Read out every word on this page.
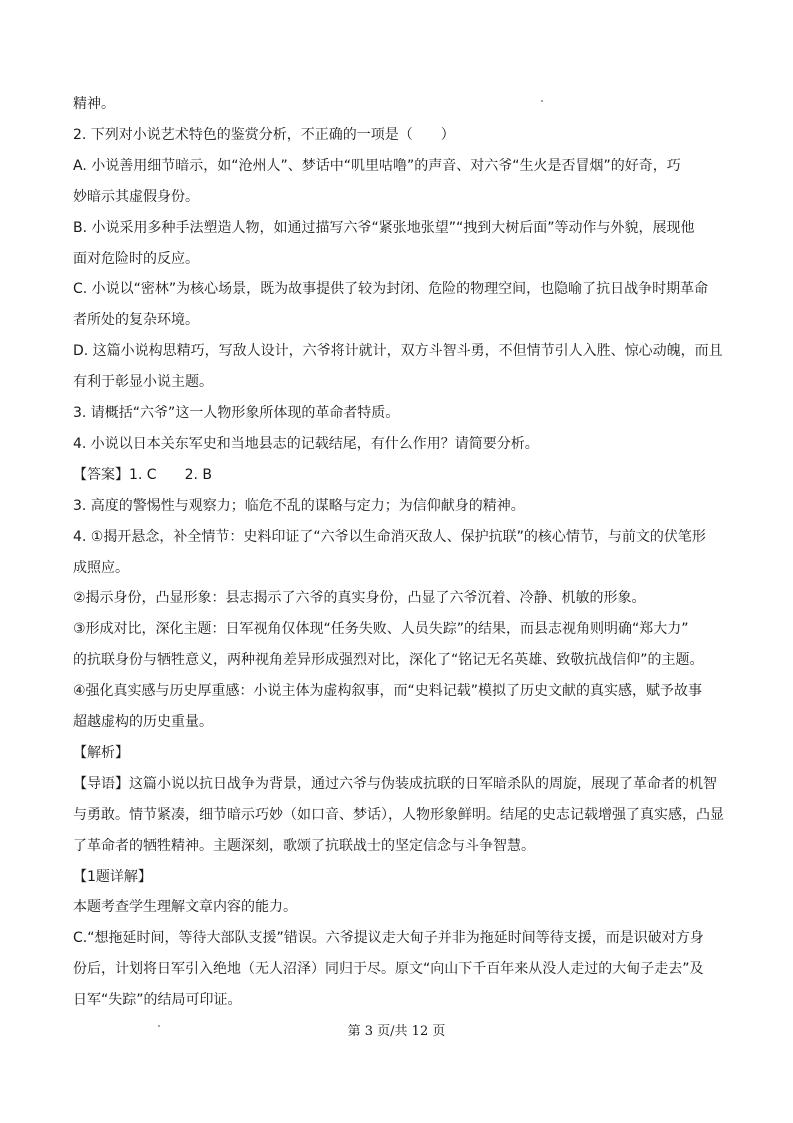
精神。
2. 下列对小说艺术特色的鉴赏分析，不正确的一项是（　　）
A. 小说善用细节暗示，如“沧州人”、梦话中“叽里咕噜”的声音、对六爷“生火是否冒烟”的好奇，巧
妙暗示其虚假身份。
B. 小说采用多种手法塑造人物，如通过描写六爷“紧张地张望”“拽到大树后面”等动作与外貌，展现他
面对危险时的反应。
C. 小说以“密林”为核心场景，既为故事提供了较为封闭、危险的物理空间，也隐喻了抗日战争时期革命
者所处的复杂环境。
D. 这篇小说构思精巧，写敌人设计，六爷将计就计，双方斗智斗勇，不但情节引人入胜、惊心动魄，而且
有利于彰显小说主题。
3. 请概括“六爷”这一人物形象所体现的革命者特质。
4. 小说以日本关东军史和当地县志的记载结尾，有什么作用？请简要分析。
【答案】1. C　　2. B
3. 高度的警惕性与观察力；临危不乱的谋略与定力；为信仰献身的精神。
4. ①揭开悬念，补全情节：史料印证了“六爷以生命消灭敌人、保护抗联”的核心情节，与前文的伏笔形
成照应。
②揭示身份，凸显形象：县志揭示了六爷的真实身份，凸显了六爷沉着、冷静、机敏的形象。
③形成对比，深化主题：日军视角仅体现“任务失败、人员失踪”的结果，而县志视角则明确“郑大力”
的抗联身份与牺牲意义，两种视角差异形成强烈对比，深化了“铭记无名英雄、致敬抗战信仰”的主题。
④强化真实感与历史厚重感：小说主体为虚构叙事，而“史料记载”模拟了历史文献的真实感，赋予故事
超越虚构的历史重量。
【解析】
【导语】这篇小说以抗日战争为背景，通过六爷与伪装成抗联的日军暗杀队的周旋，展现了革命者的机智
与勇敢。情节紧凑，细节暗示巧妙（如口音、梦话），人物形象鲜明。结尾的史志记载增强了真实感，凸显
了革命者的牺牲精神。主题深刻，歌颂了抗联战士的坚定信念与斗争智慧。
【1题详解】
本题考查学生理解文章内容的能力。
C.“想拖延时间，等待大部队支援”错误。六爷提议走大甸子并非为拖延时间等待支援，而是识破对方身
份后，计划将日军引入绝地（无人沼泽）同归于尽。原文“向山下千百年来从没人走过的大甸子走去”及
日军“失踪”的结局可印证。
第 3 页/共 12 页
